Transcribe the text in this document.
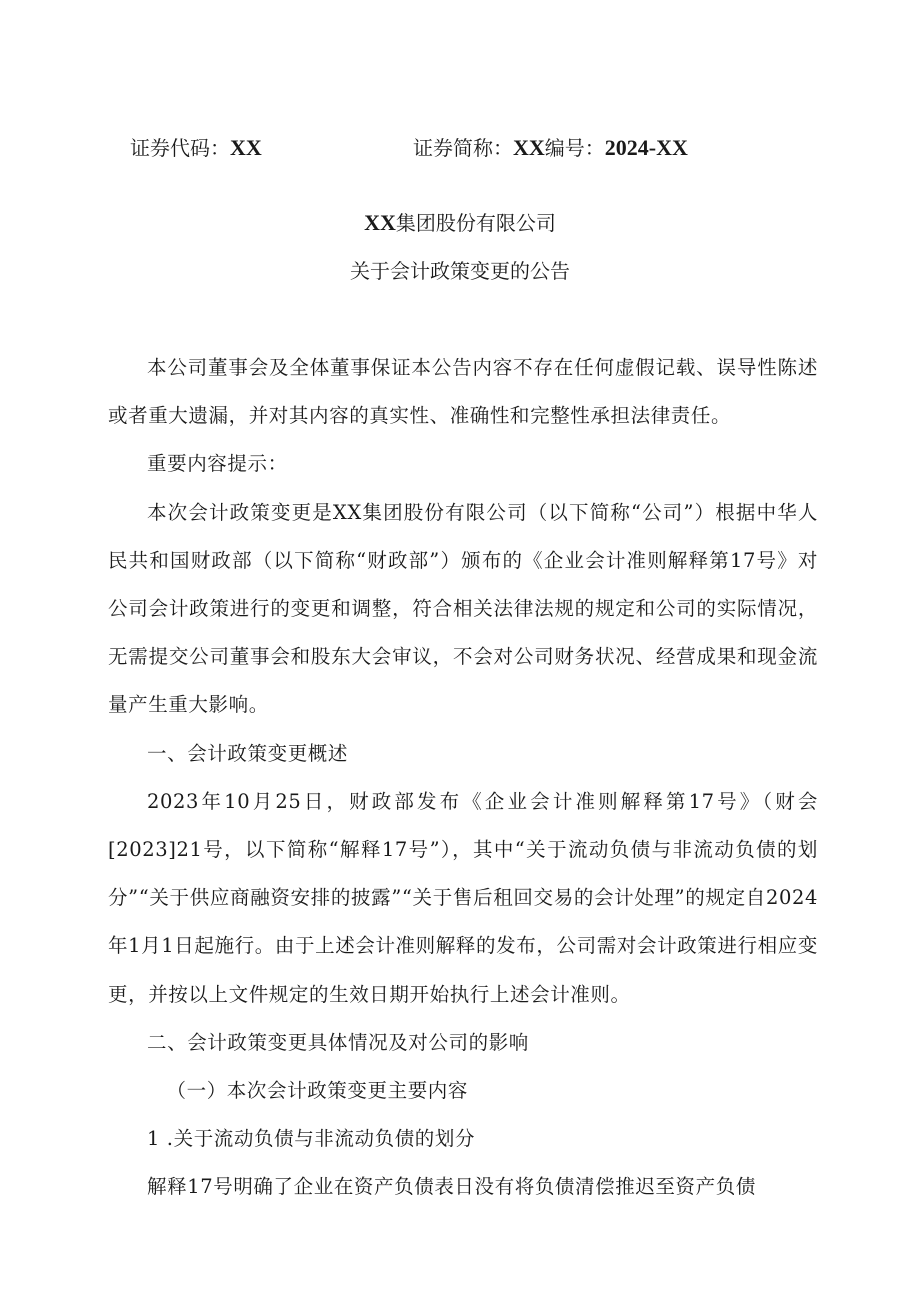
证券代码：XX	证券简称：XX编号：2024-XX
XX集团股份有限公司
关于会计政策变更的公告

本公司董事会及全体董事保证本公告内容不存在任何虚假记载、误导性陈述或者重大遗漏，并对其内容的真实性、准确性和完整性承担法律责任。

重要内容提示：

本次会计政策变更是XX集团股份有限公司（以下简称“公司”）根据中华人民共和国财政部（以下简称“财政部”）颁布的《企业会计准则解释第17号》对公司会计政策进行的变更和调整，符合相关法律法规的规定和公司的实际情况，无需提交公司董事会和股东大会审议，不会对公司财务状况、经营成果和现金流量产生重大影响。

一、会计政策变更概述

2023年10月25日，财政部发布《企业会计准则解释第17号》（财会[2023]21号，以下简称“解释17号”），其中“关于流动负债与非流动负债的划分”“关于供应商融资安排的披露”“关于售后租回交易的会计处理”的规定自2024年1月1日起施行。由于上述会计准则解释的发布，公司需对会计政策进行相应变更，并按以上文件规定的生效日期开始执行上述会计准则。

二、会计政策变更具体情况及对公司的影响

（一）本次会计政策变更主要内容

1 .关于流动负债与非流动负债的划分

解释17号明确了企业在资产负债表日没有将负债清偿推迟至资产负债
